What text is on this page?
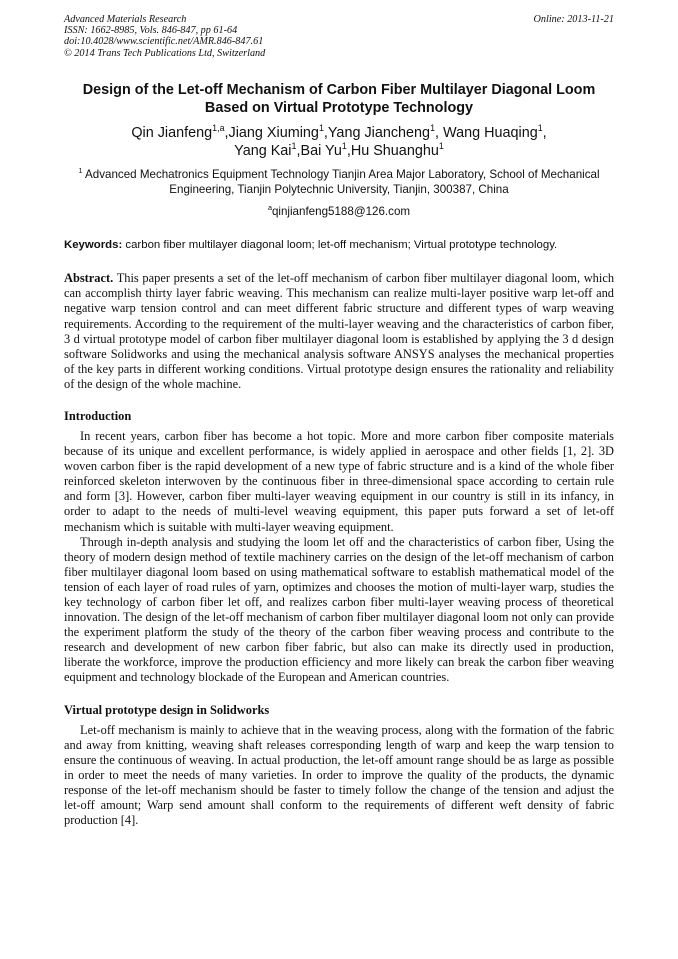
Advanced Materials Research
ISSN: 1662-8985, Vols. 846-847, pp 61-64
doi:10.4028/www.scientific.net/AMR.846-847.61
© 2014 Trans Tech Publications Ltd, Switzerland
Online: 2013-11-21
Design of the Let-off Mechanism of Carbon Fiber Multilayer Diagonal Loom Based on Virtual Prototype Technology
Qin Jianfeng$^{1,a}$,Jiang Xiuming$^1$,Yang Jiancheng$^1$, Wang Huaqing$^1$,
Yang Kai$^1$,Bai Yu$^1$,Hu Shuanghu$^1$
$^1$ Advanced Mechatronics Equipment Technology Tianjin Area Major Laboratory, School of Mechanical Engineering, Tianjin Polytechnic University, Tianjin, 300387, China
$^a$qinjianfeng5188@126.com
Keywords: carbon fiber multilayer diagonal loom; let-off mechanism; Virtual prototype technology.

Abstract. This paper presents a set of the let-off mechanism of carbon fiber multilayer diagonal loom, which can accomplish thirty layer fabric weaving. This mechanism can realize multi-layer positive warp let-off and negative warp tension control and can meet different fabric structure and different types of warp weaving requirements. According to the requirement of the multi-layer weaving and the characteristics of carbon fiber, 3 d virtual prototype model of carbon fiber multilayer diagonal loom is established by applying the 3 d design software Solidworks and using the mechanical analysis software ANSYS analyses the mechanical properties of the key parts in different working conditions. Virtual prototype design ensures the rationality and reliability of the design of the whole machine.

Introduction

In recent years, carbon fiber has become a hot topic. More and more carbon fiber composite materials because of its unique and excellent performance, is widely applied in aerospace and other fields [1, 2]. 3D woven carbon fiber is the rapid development of a new type of fabric structure and is a kind of the whole fiber reinforced skeleton interwoven by the continuous fiber in three-dimensional space according to certain rule and form [3]. However, carbon fiber multi-layer weaving equipment in our country is still in its infancy, in order to adapt to the needs of multi-level weaving equipment, this paper puts forward a set of let-off mechanism which is suitable with multi-layer weaving equipment.

Through in-depth analysis and studying the loom let off and the characteristics of carbon fiber, Using the theory of modern design method of textile machinery carries on the design of the let-off mechanism of carbon fiber multilayer diagonal loom based on using mathematical software to establish mathematical model of the tension of each layer of road rules of yarn, optimizes and chooses the motion of multi-layer warp, studies the key technology of carbon fiber let off, and realizes carbon fiber multi-layer weaving process of theoretical innovation. The design of the let-off mechanism of carbon fiber multilayer diagonal loom not only can provide the experiment platform the study of the theory of the carbon fiber weaving process and contribute to the research and development of new carbon fiber fabric, but also can make its directly used in production, liberate the workforce, improve the production efficiency and more likely can break the carbon fiber weaving equipment and technology blockade of the European and American countries.

Virtual prototype design in Solidworks

Let-off mechanism is mainly to achieve that in the weaving process, along with the formation of the fabric and away from knitting, weaving shaft releases corresponding length of warp and keep the warp tension to ensure the continuous of weaving. In actual production, the let-off amount range should be as large as possible in order to meet the needs of many varieties. In order to improve the quality of the products, the dynamic response of the let-off mechanism should be faster to timely follow the change of the tension and adjust the let-off amount; Warp send amount shall conform to the requirements of different weft density of fabric production [4].
